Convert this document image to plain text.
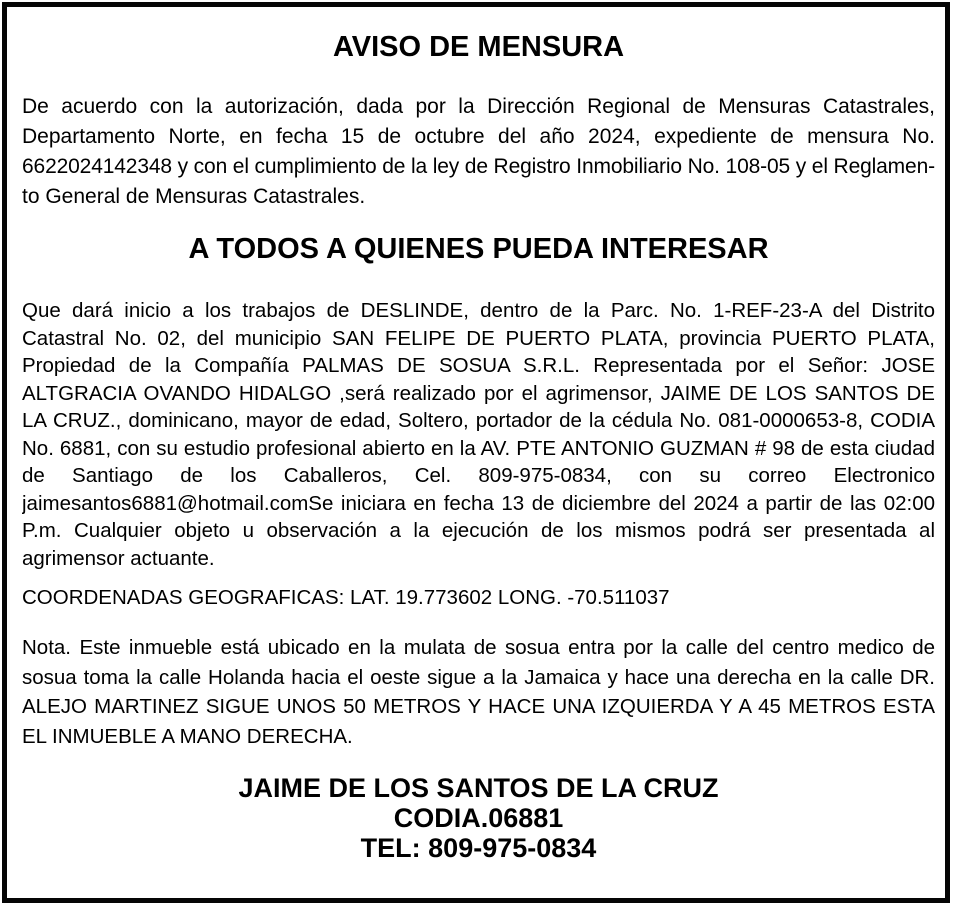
AVISO DE MENSURA
De acuerdo con la autorización, dada por la Dirección Regional de Mensuras Catastrales,
Departamento Norte, en fecha 15 de octubre del año 2024, expediente de mensura No.
6622024142348 y con el cumplimiento de la ley de Registro Inmobiliario No. 108-05 y el Reglamen-
to General de Mensuras Catastrales.
A TODOS A QUIENES PUEDA INTERESAR
Que dará inicio a los trabajos de DESLINDE, dentro de la Parc. No. 1-REF-23-A del Distrito
Catastral No. 02, del municipio SAN FELIPE DE PUERTO PLATA, provincia PUERTO PLATA,
Propiedad de la Compañía PALMAS DE SOSUA S.R.L. Representada por el Señor: JOSE
ALTGRACIA OVANDO HIDALGO ,será realizado por el agrimensor, JAIME DE LOS SANTOS DE
LA CRUZ., dominicano, mayor de edad, Soltero, portador de la cédula No. 081-0000653-8, CODIA
No. 6881, con su estudio profesional abierto en la AV. PTE ANTONIO GUZMAN # 98 de esta ciudad
de Santiago de los Caballeros, Cel. 809-975-0834, con su correo Electronico
jaimesantos6881@hotmail.comSe iniciara en fecha 13 de diciembre del 2024 a partir de las 02:00
P.m. Cualquier objeto u observación a la ejecución de los mismos podrá ser presentada al
agrimensor actuante.
COORDENADAS GEOGRAFICAS: LAT. 19.773602 LONG. -70.511037
Nota. Este inmueble está ubicado en la mulata de sosua entra por la calle del centro medico de
sosua toma la calle Holanda hacia el oeste sigue a la Jamaica y hace una derecha en la calle DR.
ALEJO MARTINEZ SIGUE UNOS 50 METROS Y HACE UNA IZQUIERDA Y A 45 METROS ESTA
EL INMUEBLE A MANO DERECHA.
JAIME DE LOS SANTOS DE LA CRUZ
CODIA.06881
TEL: 809-975-0834
